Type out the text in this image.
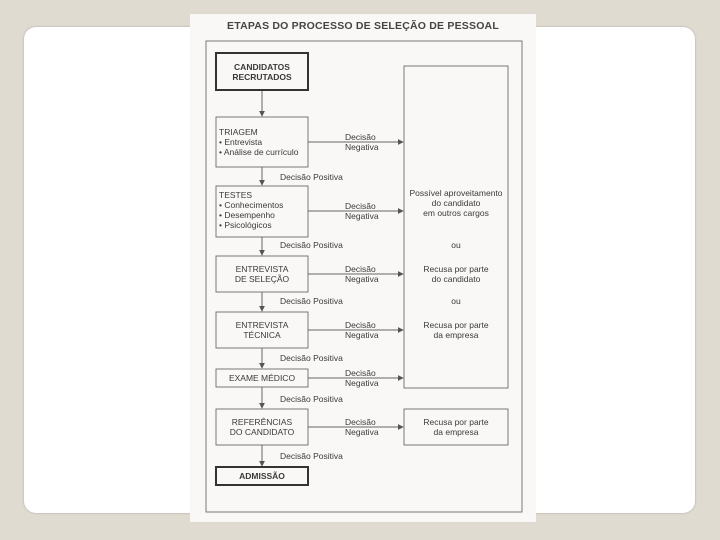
ETAPAS DO PROCESSO DE SELEÇÃO DE PESSOAL
CANDIDATOS
RECRUTADOS
TRIAGEM
• Entrevista
• Análise de currículo
TESTES
• Conhecimentos
• Desempenho
• Psicológicos
ENTREVISTA
DE SELEÇÃO
ENTREVISTA
TÉCNICA
EXAME MÉDICO
REFERÊNCIAS
DO CANDIDATO
ADMISSÃO
Decisão
Negativa
Decisão
Negativa
Decisão
Negativa
Decisão
Negativa
Decisão
Negativa
Decisão
Negativa
Decisão Positiva
Decisão Positiva
Decisão Positiva
Decisão Positiva
Decisão Positiva
Decisão Positiva
Possível aproveitamento
do candidato
em outros cargos
ou
Recusa por parte
do candidato
ou
Recusa por parte
da empresa
Recusa por parte
da empresa
